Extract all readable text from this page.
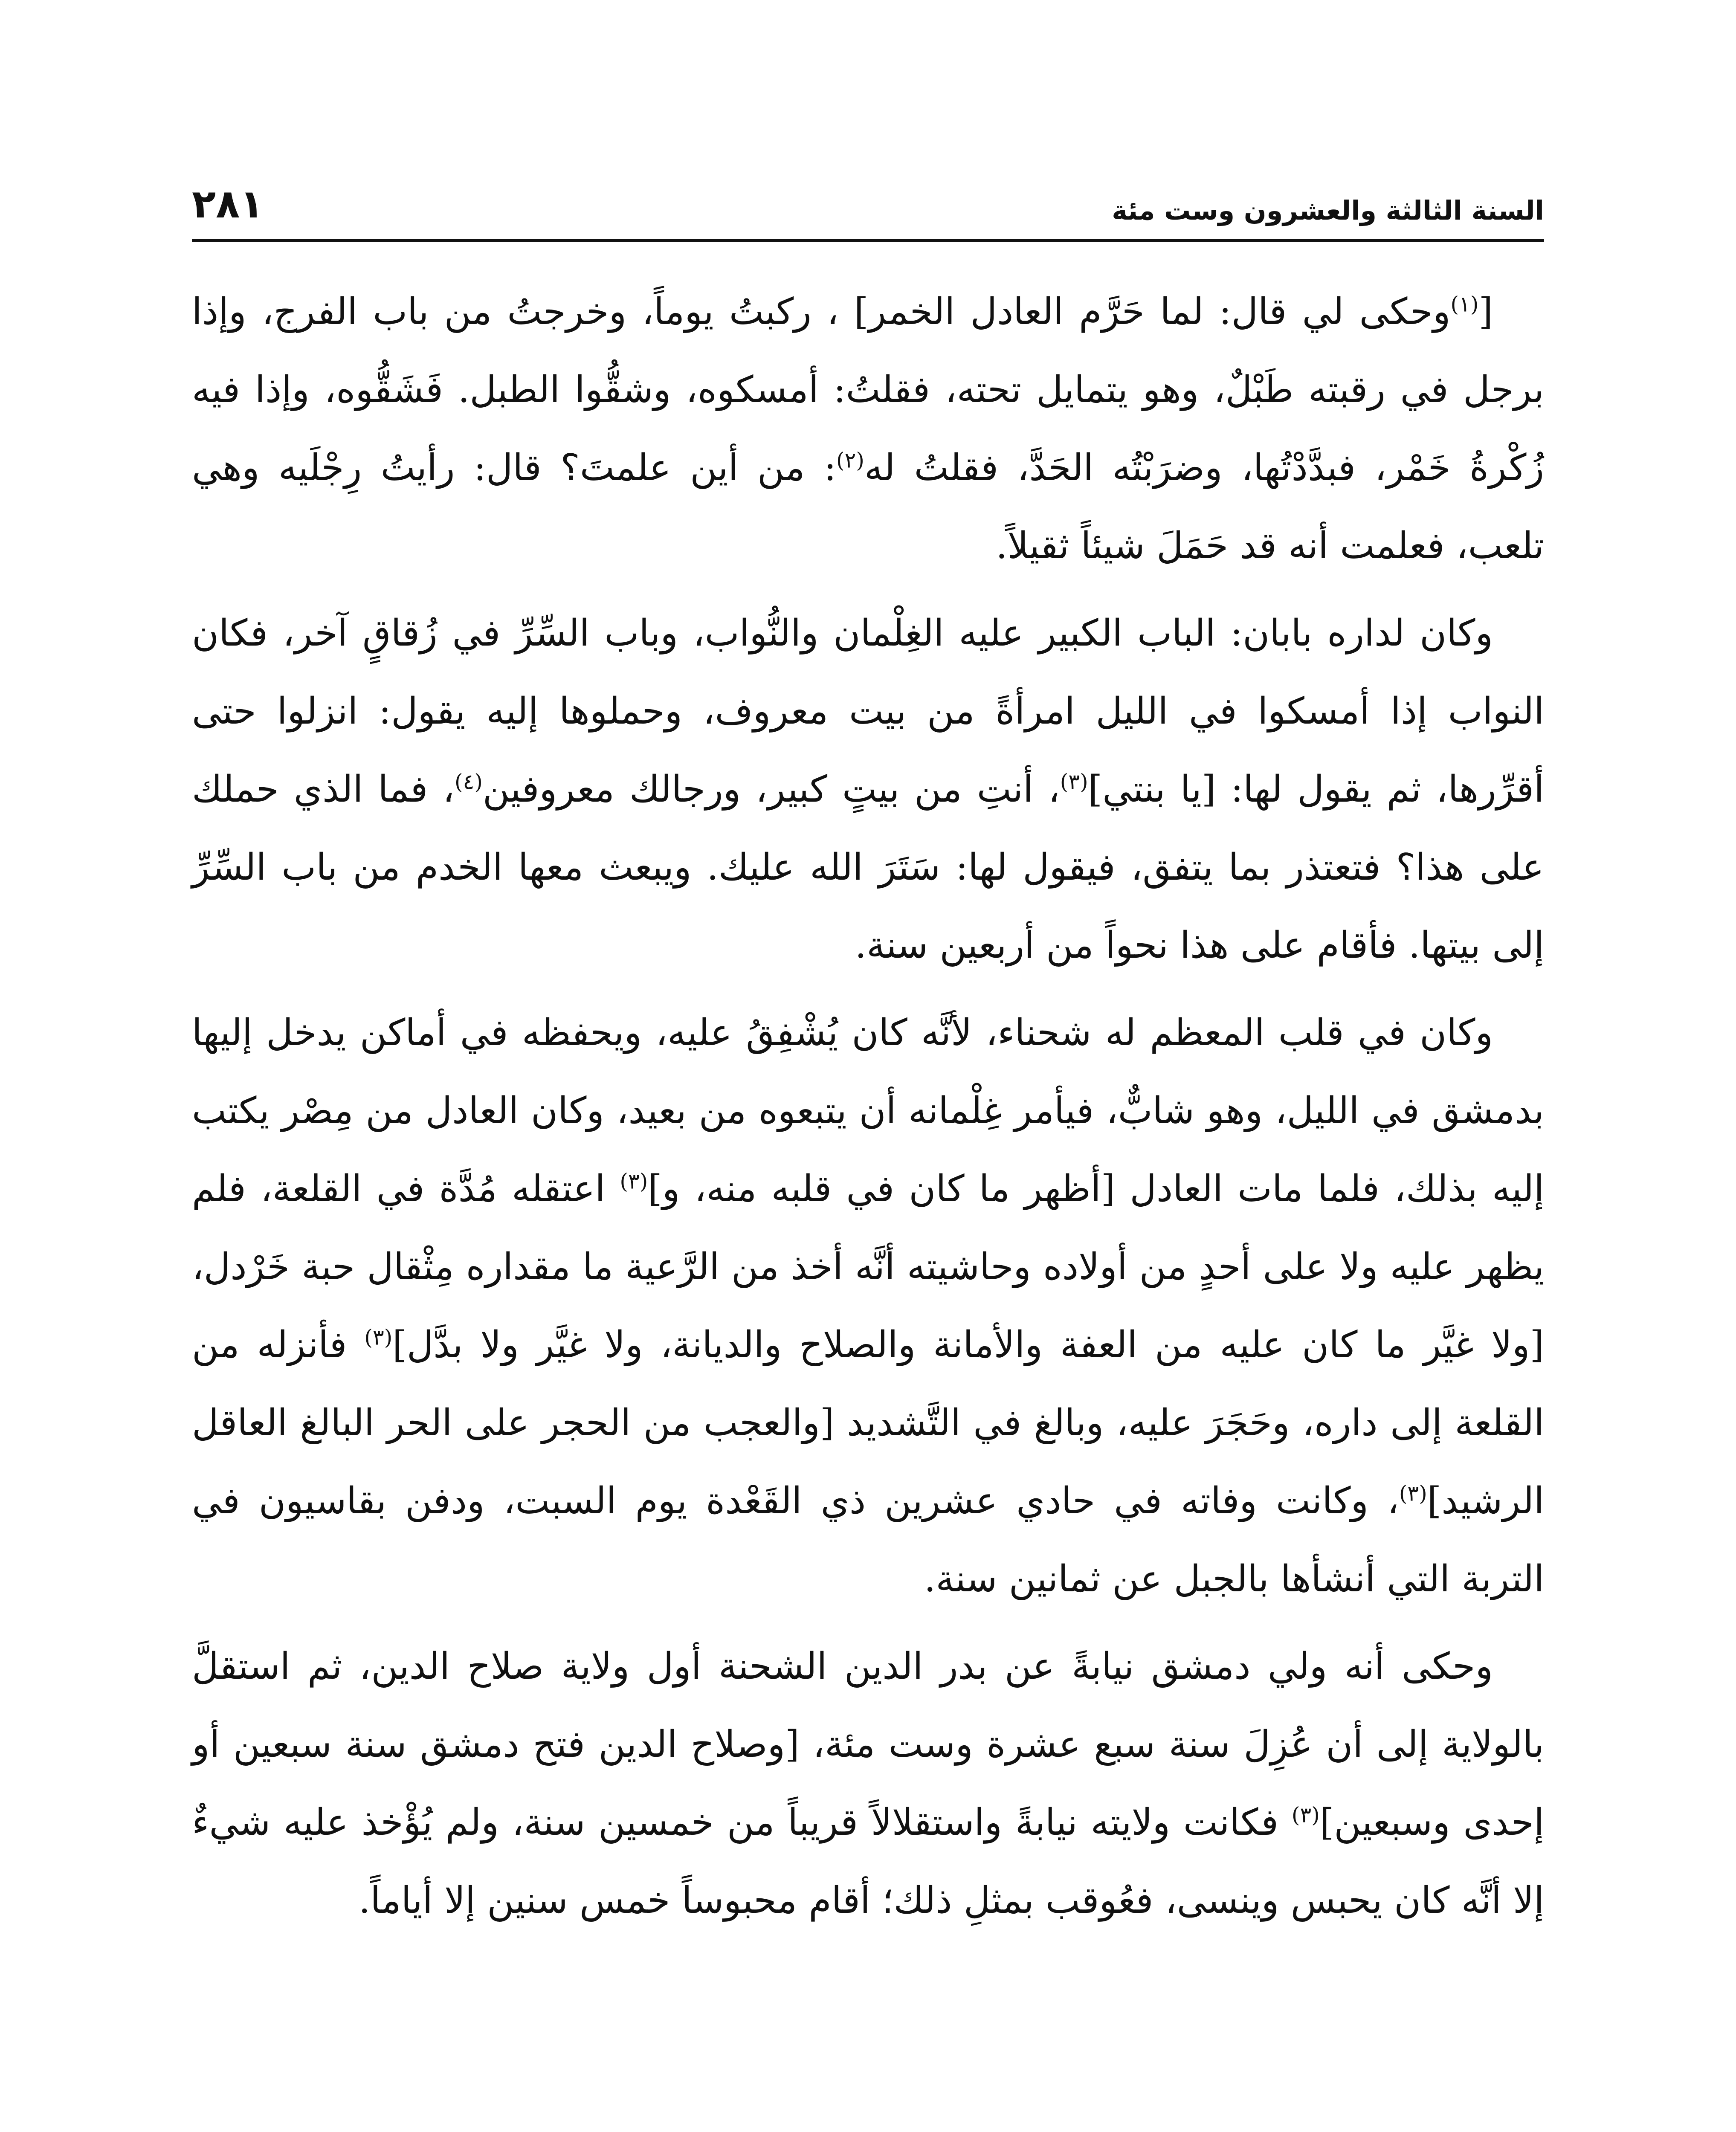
السنة الثالثة والعشرون وست مئة
٢٨١

[$^{(١)}$وحكى لي قال: لما حَرَّم العادل الخمر] ، ركبتُ يوماً، وخرجتُ من باب الفرج، وإذا برجل في رقبته طَبْلٌ، وهو يتمايل تحته، فقلتُ: أمسكوه، وشقُّوا الطبل. فَشَقُّوه، وإذا فيه زُكْرةُ خَمْر، فبدَّدْتُها، وضرَبْتُه الحَدَّ، فقلتُ له$^{(٢)}$: من أين علمتَ؟ قال: رأيتُ رِجْلَيه وهي تلعب، فعلمت أنه قد حَمَلَ شيئاً ثقيلاً.

وكان لداره بابان: الباب الكبير عليه الغِلْمان والنُّواب، وباب السِّرِّ في زُقاقٍ آخر، فكان النواب إذا أمسكوا في الليل امرأةً من بيت معروف، وحملوها إليه يقول: انزلوا حتى أقرِّرها، ثم يقول لها: [يا بنتي]$^{(٣)}$، أنتِ من بيتٍ كبير، ورجالك معروفين$^{(٤)}$، فما الذي حملك على هذا؟ فتعتذر بما يتفق، فيقول لها: سَتَرَ الله عليك. ويبعث معها الخدم من باب السِّرِّ إلى بيتها. فأقام على هذا نحواً من أربعين سنة.

وكان في قلب المعظم له شحناء، لأنَّه كان يُشْفِقُ عليه، ويحفظه في أماكن يدخل إليها بدمشق في الليل، وهو شابٌّ، فيأمر غِلْمانه أن يتبعوه من بعيد، وكان العادل من مِصْر يكتب إليه بذلك، فلما مات العادل [أظهر ما كان في قلبه منه، و]$^{(٣)}$ اعتقله مُدَّة في القلعة، فلم يظهر عليه ولا على أحدٍ من أولاده وحاشيته أنَّه أخذ من الرَّعية ما مقداره مِثْقال حبة خَرْدل، [ولا غيَّر ما كان عليه من العفة والأمانة والصلاح والديانة، ولا غيَّر ولا بدَّل]$^{(٣)}$ فأنزله من القلعة إلى داره، وحَجَرَ عليه، وبالغ في التَّشديد [والعجب من الحجر على الحر البالغ العاقل الرشيد]$^{(٣)}$، وكانت وفاته في حادي عشرين ذي القَعْدة يوم السبت، ودفن بقاسيون في التربة التي أنشأها بالجبل عن ثمانين سنة.

وحكى أنه ولي دمشق نيابةً عن بدر الدين الشحنة أول ولاية صلاح الدين، ثم استقلَّ بالولاية إلى أن عُزِلَ سنة سبع عشرة وست مئة، [وصلاح الدين فتح دمشق سنة سبعين أو إحدى وسبعين]$^{(٣)}$ فكانت ولايته نيابةً واستقلالاً قريباً من خمسين سنة، ولم يُؤْخذ عليه شيءٌ إلا أنَّه كان يحبس وينسى، فعُوقب بمثلِ ذلك؛ أقام محبوساً خمس سنين إلا أياماً.
